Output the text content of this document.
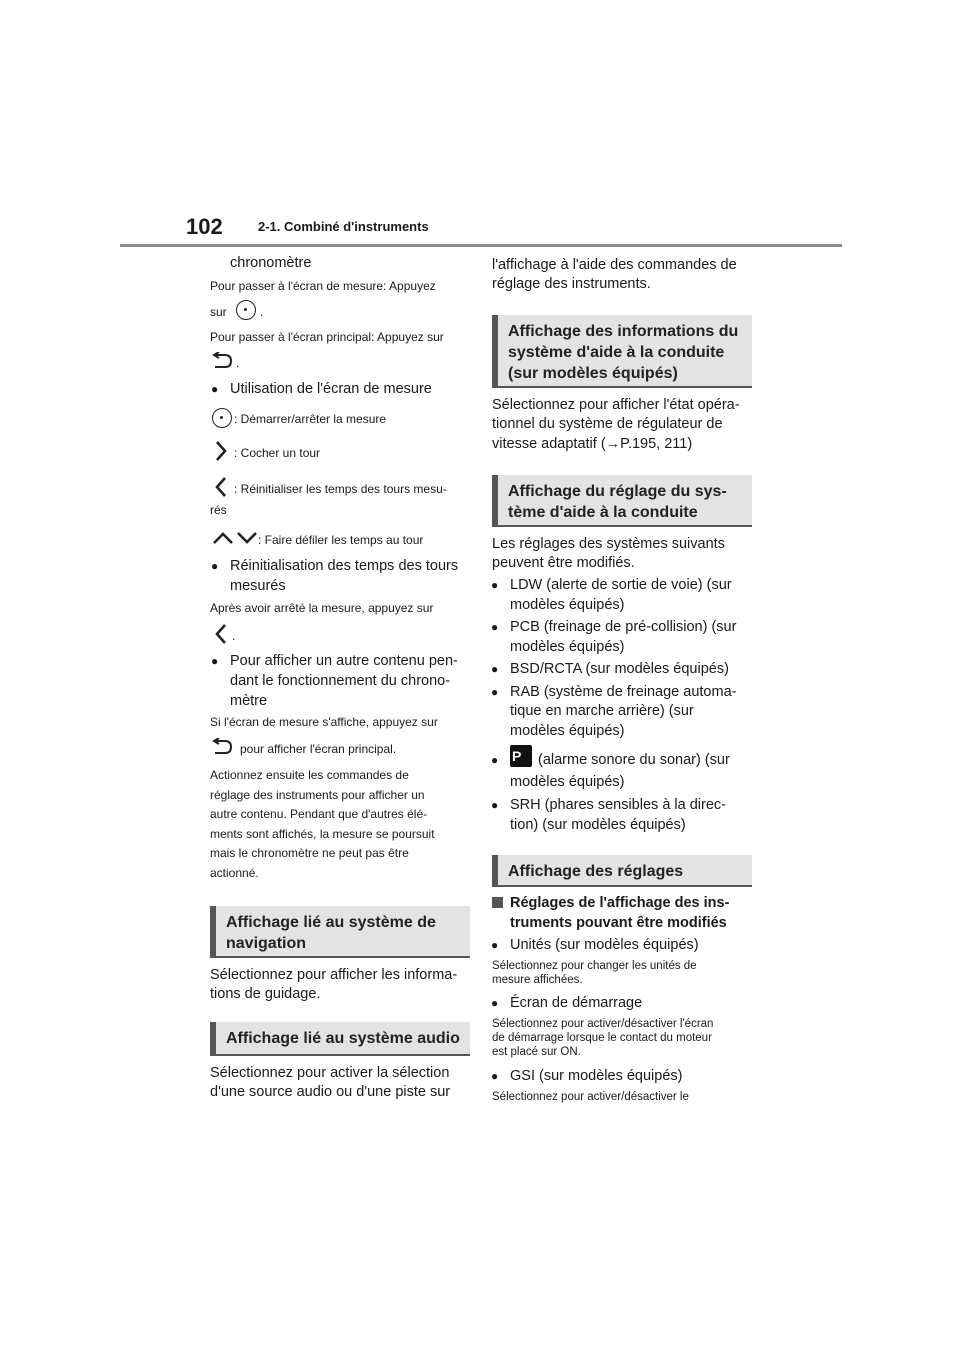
102	2-1. Combiné d'instruments
chronomètre
Pour passer à l'écran de mesure: Appuyez
sur	.
Pour passer à l'écran principal: Appuyez sur
.
● Utilisation de l'écran de mesure
: Démarrer/arrêter la mesure
: Cocher un tour
: Réinitialiser les temps des tours mesu-
rés
: Faire défiler les temps au tour
● Réinitialisation des temps des tours
mesurés
Après avoir arrêté la mesure, appuyez sur
.
● Pour afficher un autre contenu pen-
dant le fonctionnement du chrono-
mètre
Si l'écran de mesure s'affiche, appuyez sur
pour afficher l'écran principal.
Actionnez ensuite les commandes de
réglage des instruments pour afficher un
autre contenu. Pendant que d'autres élé-
ments sont affichés, la mesure se poursuit
mais le chronomètre ne peut pas être
actionné.
Affichage lié au système de navigation
Sélectionnez pour afficher les informa-
tions de guidage.
Affichage lié au système audio
Sélectionnez pour activer la sélection
d'une source audio ou d'une piste sur
l'affichage à l'aide des commandes de
réglage des instruments.
Affichage des informations du système d'aide à la conduite (sur modèles équipés)
Sélectionnez pour afficher l'état opéra-
tionnel du système de régulateur de
vitesse adaptatif (→P.195, 211)
Affichage du réglage du sys- tème d'aide à la conduite
Les réglages des systèmes suivants
peuvent être modifiés.
● LDW (alerte de sortie de voie) (sur
modèles équipés)
● PCB (freinage de pré-collision) (sur
modèles équipés)
● BSD/RCTA (sur modèles équipés)
● RAB (système de freinage automa-
tique en marche arrière) (sur
modèles équipés)
P (alarme sonore du sonar) (sur
modèles équipés)
● SRH (phares sensibles à la direc-
tion) (sur modèles équipés)
Affichage des réglages
Réglages de l'affichage des ins-
truments pouvant être modifiés
● Unités (sur modèles équipés)
Sélectionnez pour changer les unités de
mesure affichées.
● Écran de démarrage
Sélectionnez pour activer/désactiver l'écran
de démarrage lorsque le contact du moteur
est placé sur ON.
● GSI (sur modèles équipés)
Sélectionnez pour activer/désactiver le
